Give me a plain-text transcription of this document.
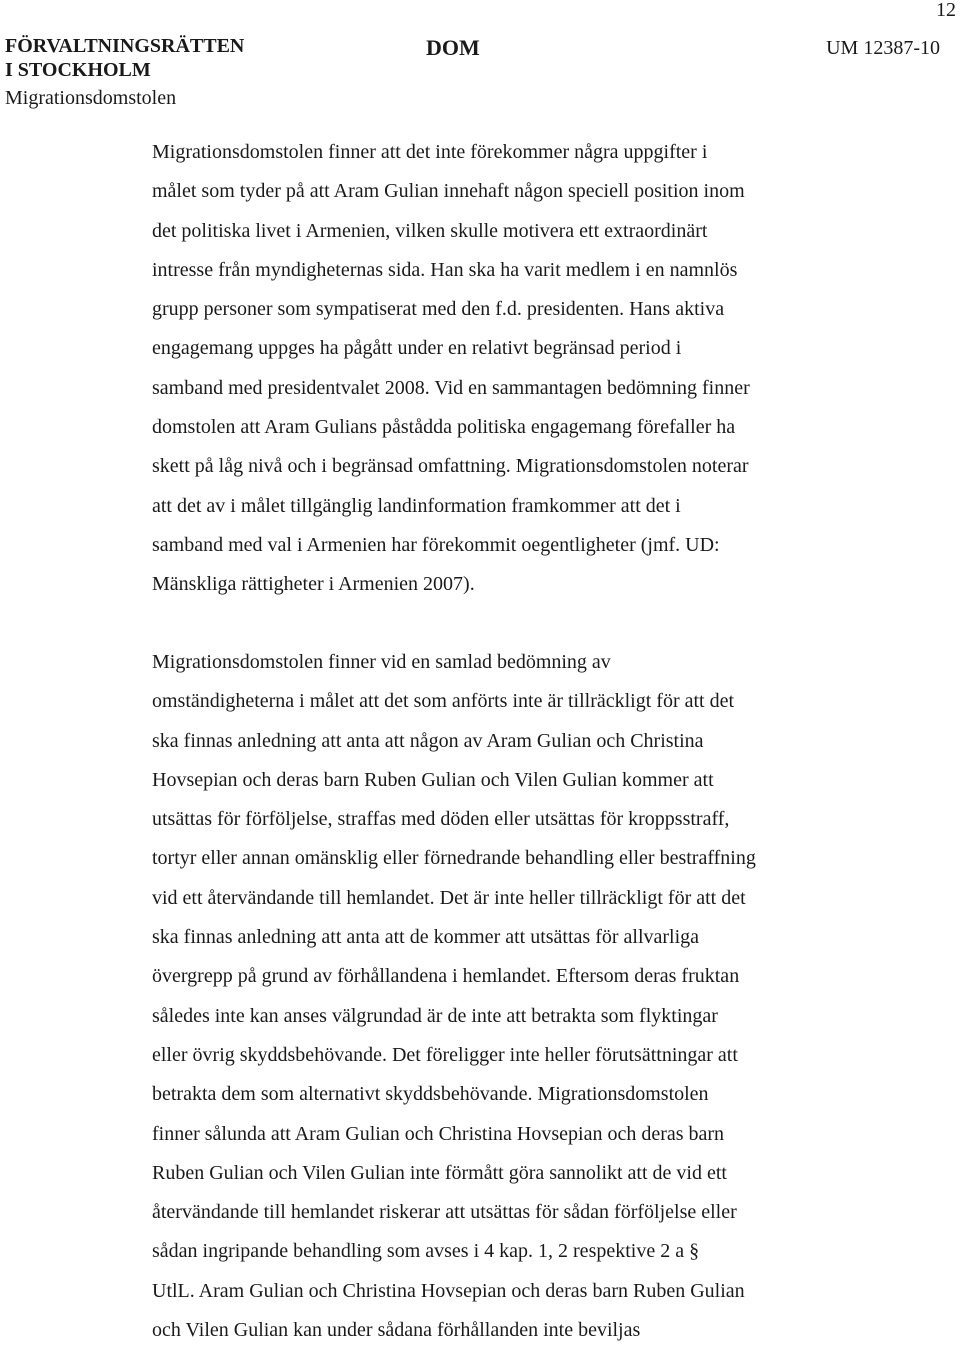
12
FÖRVALTNINGSRÄTTEN
I STOCKHOLM
Migrationsdomstolen
DOM	UM 12387-10

Migrationsdomstolen finner att det inte förekommer några uppgifter i
målet som tyder på att Aram Gulian innehaft någon speciell position inom
det politiska livet i Armenien, vilken skulle motivera ett extraordinärt
intresse från myndigheternas sida. Han ska ha varit medlem i en namnlös
grupp personer som sympatiserat med den f.d. presidenten. Hans aktiva
engagemang uppges ha pågått under en relativt begränsad period i
samband med presidentvalet 2008. Vid en sammantagen bedömning finner
domstolen att Aram Gulians påstådda politiska engagemang förefaller ha
skett på låg nivå och i begränsad omfattning. Migrationsdomstolen noterar
att det av i målet tillgänglig landinformation framkommer att det i
samband med val i Armenien har förekommit oegentligheter (jmf. UD:
Mänskliga rättigheter i Armenien 2007).

Migrationsdomstolen finner vid en samlad bedömning av
omständigheterna i målet att det som anförts inte är tillräckligt för att det
ska finnas anledning att anta att någon av Aram Gulian och Christina
Hovsepian och deras barn Ruben Gulian och Vilen Gulian kommer att
utsättas för förföljelse, straffas med döden eller utsättas för kroppsstraff,
tortyr eller annan omänsklig eller förnedrande behandling eller bestraffning
vid ett återvändande till hemlandet. Det är inte heller tillräckligt för att det
ska finnas anledning att anta att de kommer att utsättas för allvarliga
övergrepp på grund av förhållandena i hemlandet. Eftersom deras fruktan
således inte kan anses välgrundad är de inte att betrakta som flyktingar
eller övrig skyddsbehövande. Det föreligger inte heller förutsättningar att
betrakta dem som alternativt skyddsbehövande. Migrationsdomstolen
finner sålunda att Aram Gulian och Christina Hovsepian och deras barn
Ruben Gulian och Vilen Gulian inte förmått göra sannolikt att de vid ett
återvändande till hemlandet riskerar att utsättas för sådan förföljelse eller
sådan ingripande behandling som avses i 4 kap. 1, 2 respektive 2 a §
UtlL. Aram Gulian och Christina Hovsepian och deras barn Ruben Gulian
och Vilen Gulian kan under sådana förhållanden inte beviljas
